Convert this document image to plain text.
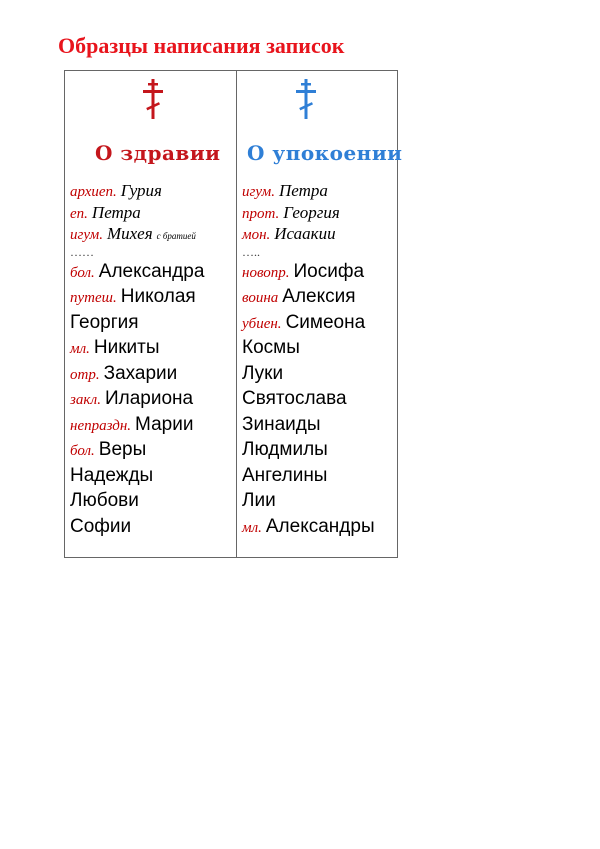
Образцы написания записок
О здравии
архиеп. Гурия
еп. Петра
игум. Михея с братией
……
бол. Александра
путеш. Николая
Георгия
мл. Никиты
отр. Захарии
закл. Илариона
непраздн. Марии
бол. Веры
Надежды
Любови
Софии
О упокоении
игум. Петра
прот. Георгия
мон. Исаакии
…..
новопр. Иосифа
воина Алексия
убиен. Симеона
Космы
Луки
Святослава
Зинаиды
Людмилы
Ангелины
Лии
мл. Александры
